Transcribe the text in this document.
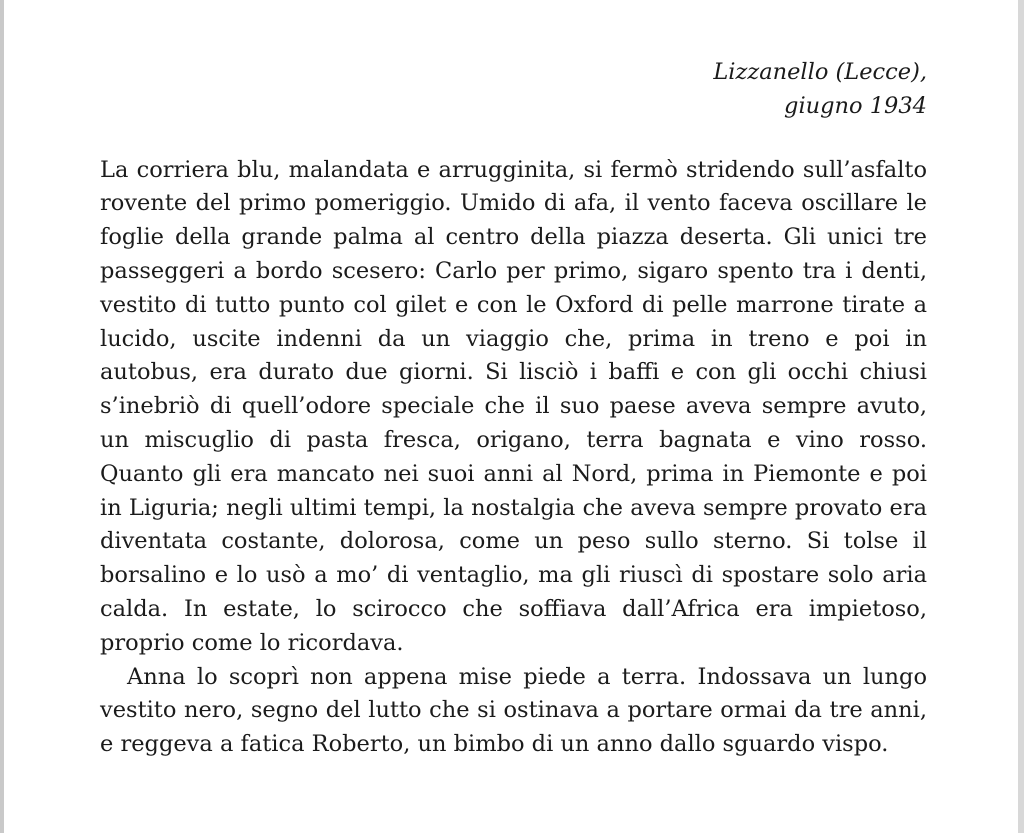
Lizzanello (Lecce),
giugno 1934

La corriera blu, malandata e arrugginita, si fermò stridendo sull’asfalto rovente del primo pomeriggio. Umido di afa, il vento faceva oscillare le foglie della grande palma al centro della piazza deserta. Gli unici tre passeggeri a bordo scesero: Carlo per primo, sigaro spento tra i denti, vestito di tutto punto col gilet e con le Oxford di pelle marrone tirate a lucido, uscite indenni da un viaggio che, prima in treno e poi in autobus, era durato due giorni. Si lisciò i baffi e con gli occhi chiusi s’inebriò di quell’odore speciale che il suo paese aveva sempre avuto, un miscuglio di pasta fresca, origano, terra bagnata e vino rosso. Quanto gli era mancato nei suoi anni al Nord, prima in Piemonte e poi in Liguria; negli ultimi tempi, la nostalgia che aveva sempre provato era diventata costante, dolorosa, come un peso sullo sterno. Si tolse il borsalino e lo usò a mo’ di ventaglio, ma gli riuscì di spostare solo aria calda. In estate, lo scirocco che soffiava dall’Africa era impietoso, proprio come lo ricordava.

Anna lo scoprì non appena mise piede a terra. Indossava un lungo vestito nero, segno del lutto che si ostinava a portare ormai da tre anni, e reggeva a fatica Roberto, un bimbo di un anno dallo sguardo vispo.
